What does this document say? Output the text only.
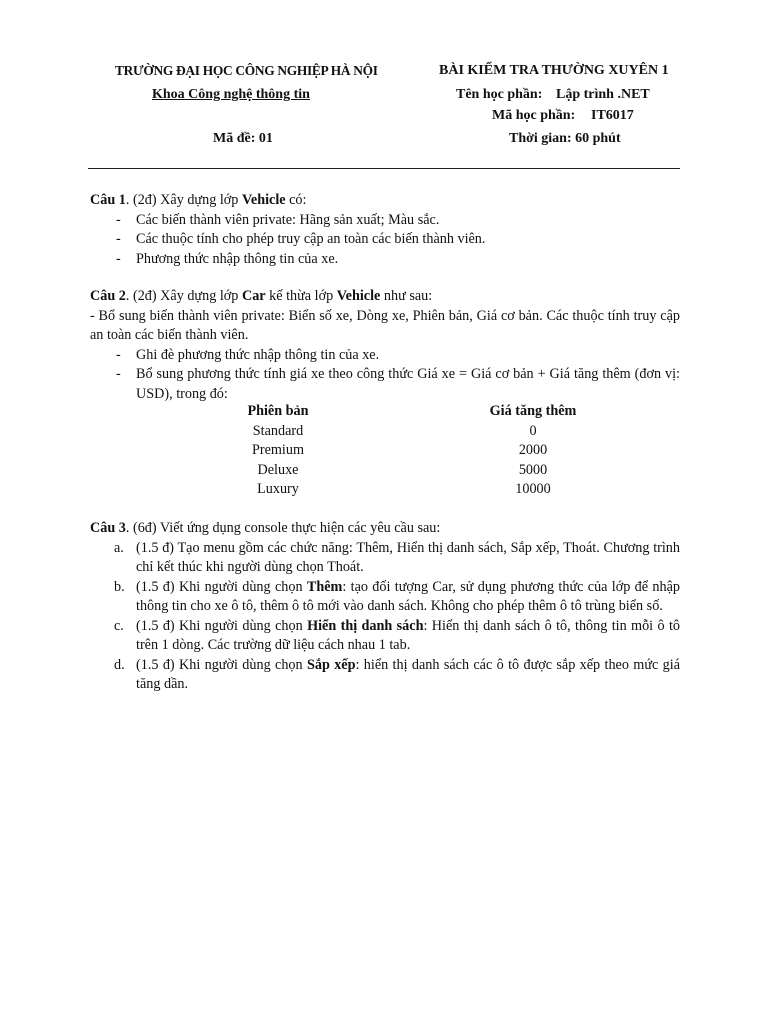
TRƯỜNG ĐẠI HỌC CÔNG NGHIỆP HÀ NỘI
Khoa Công nghệ thông tin
Mã đề: 01
BÀI KIỂM TRA THƯỜNG XUYÊN 1
Tên học phần: Lập trình .NET
Mã học phần: IT6017
Thời gian: 60 phút

Câu 1. (2đ) Xây dựng lớp Vehicle có:

- Các biến thành viên private: Hãng sản xuất; Màu sắc.
- Các thuộc tính cho phép truy cập an toàn các biến thành viên.
- Phương thức nhập thông tin của xe.

Câu 2. (2đ) Xây dựng lớp Car kế thừa lớp Vehicle như sau:

- Bổ sung biến thành viên private: Biển số xe, Dòng xe, Phiên bản, Giá cơ bản. Các thuộc tính truy cập an toàn các biến thành viên.

- Ghi đè phương thức nhập thông tin của xe.
- Bổ sung phương thức tính giá xe theo công thức Giá xe = Giá cơ bản + Giá tăng thêm (đơn vị: USD), trong đó:
Phiên bản		Giá tăng thêm
Standard		0
Premium		2000
Deluxe		5000
Luxury		10000

Câu 3. (6đ) Viết ứng dụng console thực hiện các yêu cầu sau:

a. (1.5 đ) Tạo menu gồm các chức năng: Thêm, Hiển thị danh sách, Sắp xếp, Thoát. Chương trình chỉ kết thúc khi người dùng chọn Thoát.
b. (1.5 đ) Khi người dùng chọn Thêm: tạo đối tượng Car, sử dụng phương thức của lớp để nhập thông tin cho xe ô tô, thêm ô tô mới vào danh sách. Không cho phép thêm ô tô trùng biển số.
c. (1.5 đ) Khi người dùng chọn Hiển thị danh sách: Hiển thị danh sách ô tô, thông tin mỗi ô tô trên 1 dòng. Các trường dữ liệu cách nhau 1 tab.
d. (1.5 đ) Khi người dùng chọn Sắp xếp: hiển thị danh sách các ô tô được sắp xếp theo mức giá tăng dần.
